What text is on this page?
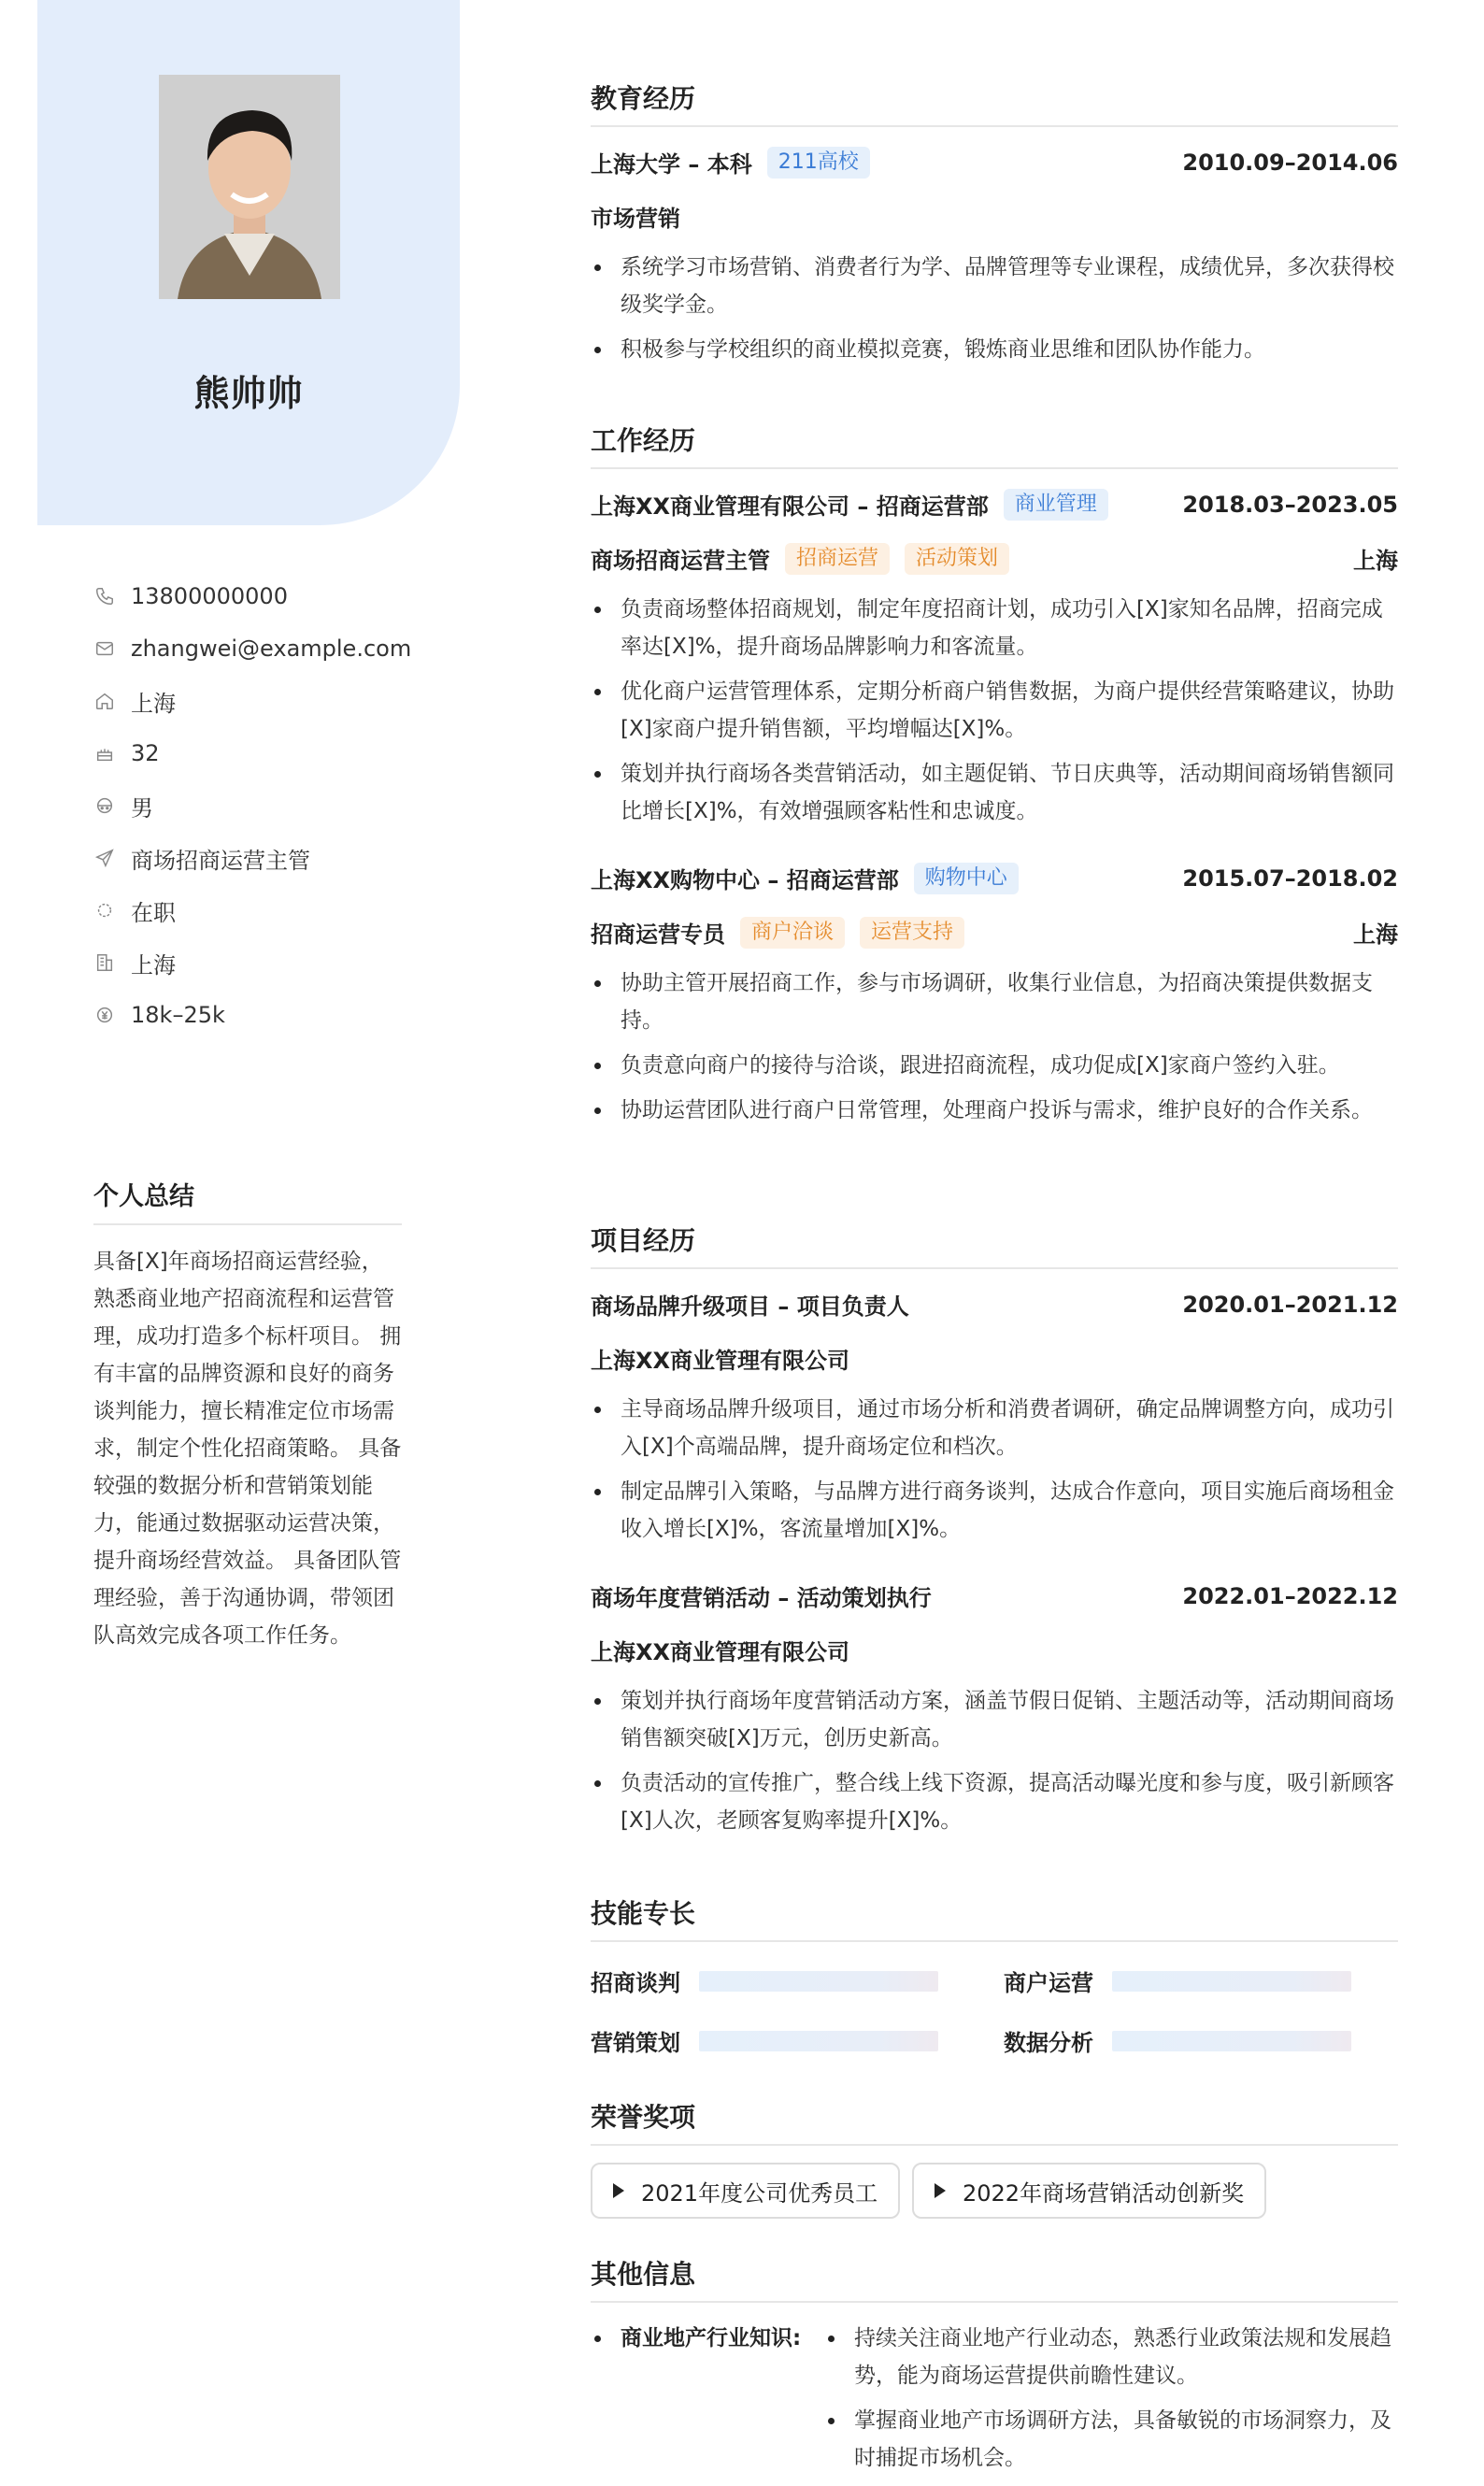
熊帅帅
13800000000
zhangwei@example.com
上海
32
男
商场招商运营主管
在职
上海
18k–25k
个人总结
具备[X]年商场招商运营经验，熟悉商业地产招商流程和运营管理，成功打造多个标杆项目。 拥有丰富的品牌资源和良好的商务谈判能力，擅长精准定位市场需求，制定个性化招商策略。 具备较强的数据分析和营销策划能力，能通过数据驱动运营决策，提升商场经营效益。 具备团队管理经验，善于沟通协调，带领团队高效完成各项工作任务。
教育经历
上海大学 – 本科	211高校	2010.09–2014.06
市场营销
系统学习市场营销、消费者行为学、品牌管理等专业课程，成绩优异，多次获得校级奖学金。
积极参与学校组织的商业模拟竞赛，锻炼商业思维和团队协作能力。
工作经历
上海XX商业管理有限公司 – 招商运营部	商业管理	2018.03–2023.05
商场招商运营主管	招商运营	活动策划	上海
负责商场整体招商规划，制定年度招商计划，成功引入[X]家知名品牌，招商完成率达[X]%，提升商场品牌影响力和客流量。
优化商户运营管理体系，定期分析商户销售数据，为商户提供经营策略建议，协助[X]家商户提升销售额，平均增幅达[X]%。
策划并执行商场各类营销活动，如主题促销、节日庆典等，活动期间商场销售额同比增长[X]%，有效增强顾客粘性和忠诚度。
上海XX购物中心 – 招商运营部	购物中心	2015.07–2018.02
招商运营专员	商户洽谈	运营支持	上海
协助主管开展招商工作，参与市场调研，收集行业信息，为招商决策提供数据支持。
负责意向商户的接待与洽谈，跟进招商流程，成功促成[X]家商户签约入驻。
协助运营团队进行商户日常管理，处理商户投诉与需求，维护良好的合作关系。
项目经历
商场品牌升级项目 – 项目负责人	2020.01–2021.12
上海XX商业管理有限公司
主导商场品牌升级项目，通过市场分析和消费者调研，确定品牌调整方向，成功引入[X]个高端品牌，提升商场定位和档次。
制定品牌引入策略，与品牌方进行商务谈判，达成合作意向，项目实施后商场租金收入增长[X]%，客流量增加[X]%。
商场年度营销活动 – 活动策划执行	2022.01–2022.12
上海XX商业管理有限公司
策划并执行商场年度营销活动方案，涵盖节假日促销、主题活动等，活动期间商场销售额突破[X]万元，创历史新高。
负责活动的宣传推广，整合线上线下资源，提高活动曝光度和参与度，吸引新顾客[X]人次，老顾客复购率提升[X]%。
技能专长
招商谈判	商户运营
营销策划	数据分析
荣誉奖项
2021年度公司优秀员工	2022年商场营销活动创新奖
其他信息
商业地产行业知识:	持续关注商业地产行业动态，熟悉行业政策法规和发展趋势，能为商场运营提供前瞻性建议。
掌握商业地产市场调研方法，具备敏锐的市场洞察力，及时捕捉市场机会。
